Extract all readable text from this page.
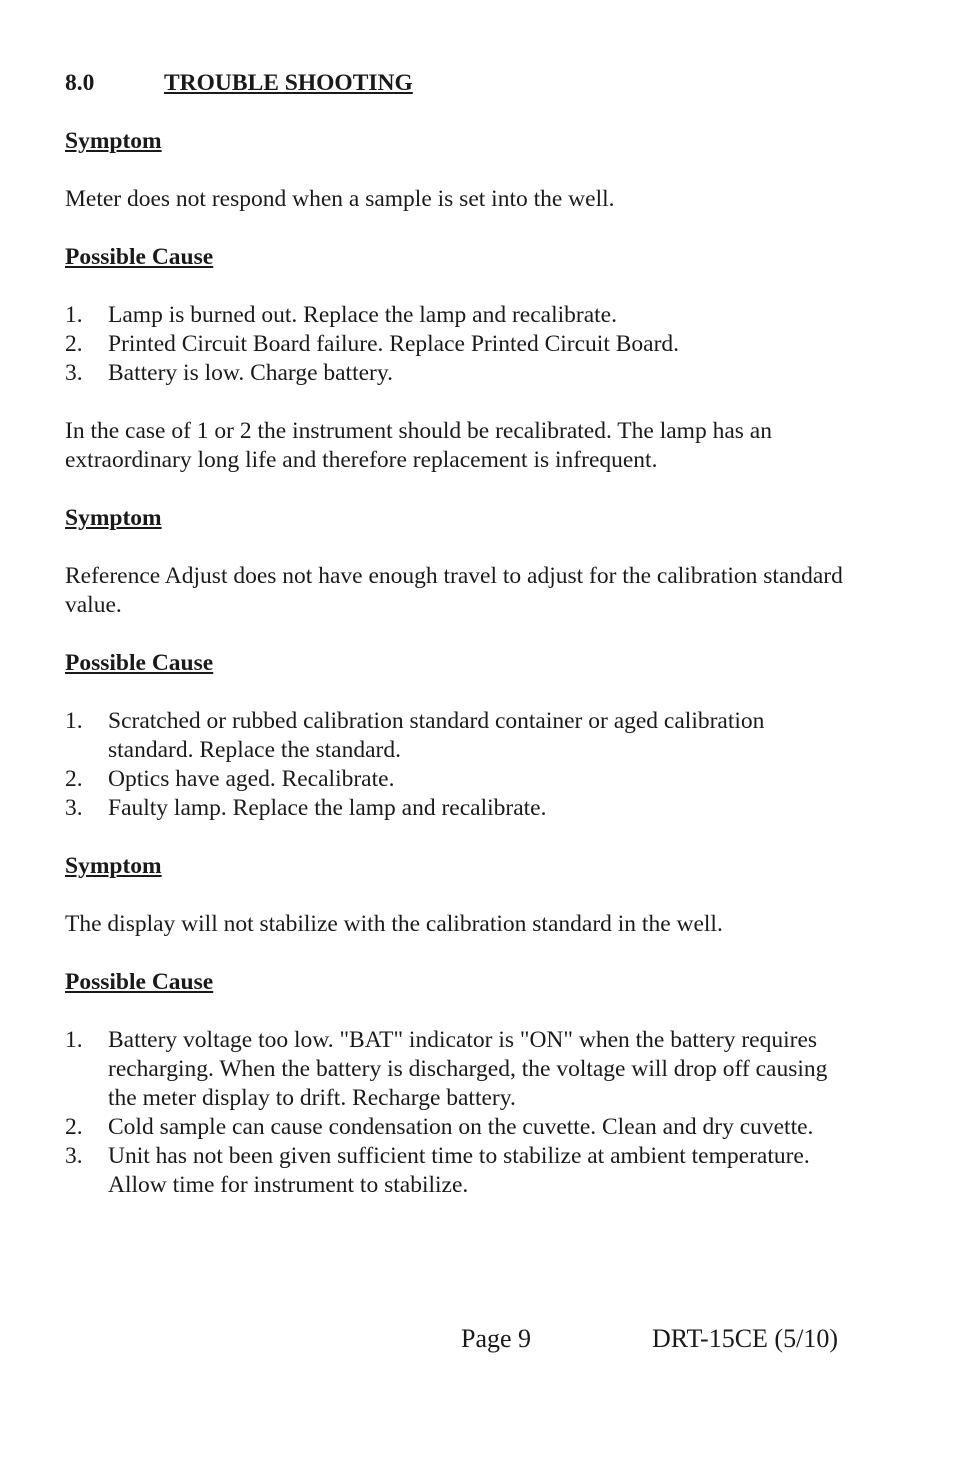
8.0	TROUBLE SHOOTING
Symptom
Meter does not respond when a sample is set into the well.
Possible Cause
1.	Lamp is burned out. Replace the lamp and recalibrate.
2.	Printed Circuit Board failure. Replace Printed Circuit Board.
3.	Battery is low. Charge battery.
In the case of 1 or 2 the instrument should be recalibrated. The lamp has an extraordinary long life and therefore replacement is infrequent.
Symptom
Reference Adjust does not have enough travel to adjust for the calibration standard value.
Possible Cause
1.	Scratched or rubbed calibration standard container or aged calibration standard. Replace the standard.
2.	Optics have aged. Recalibrate.
3.	Faulty lamp. Replace the lamp and recalibrate.
Symptom
The display will not stabilize with the calibration standard in the well.
Possible Cause
1.	Battery voltage too low. "BAT" indicator is "ON" when the battery requires recharging. When the battery is discharged, the voltage will drop off causing the meter display to drift. Recharge battery.
2.	Cold sample can cause condensation on the cuvette. Clean and dry cuvette.
3.	Unit has not been given sufficient time to stabilize at ambient temperature. Allow time for instrument to stabilize.
Page 9	DRT-15CE (5/10)
